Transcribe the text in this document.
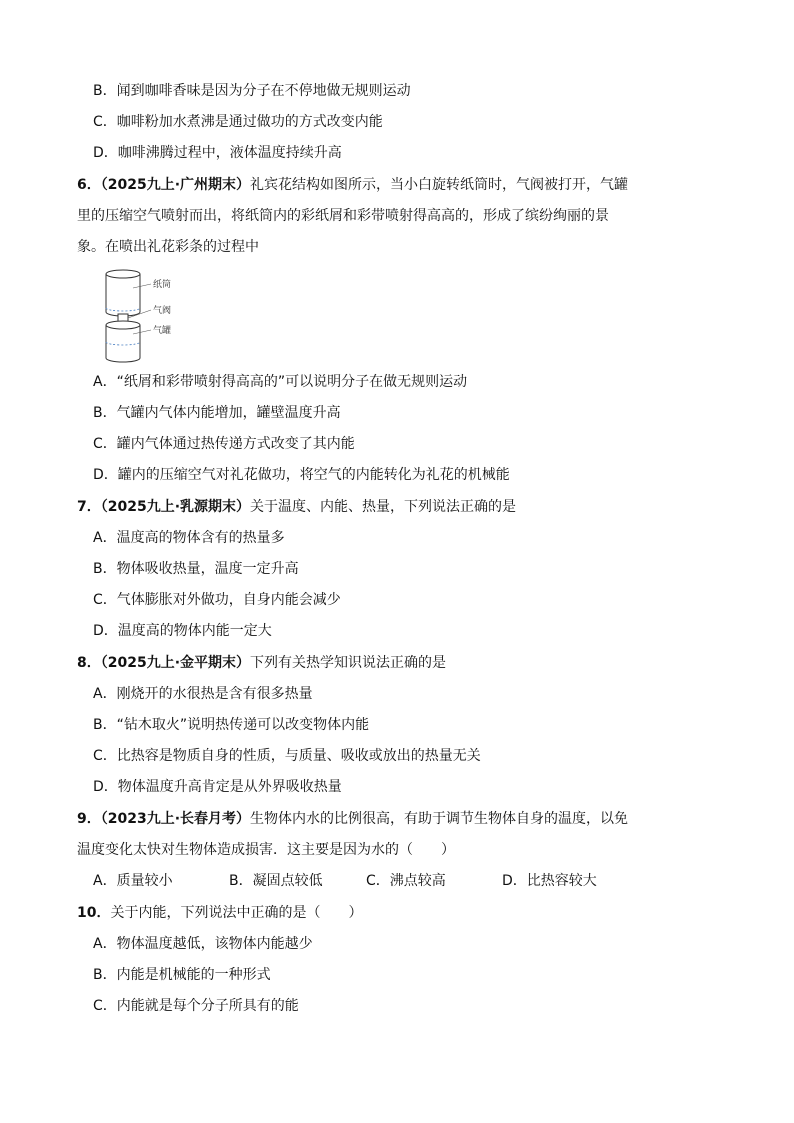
B．闻到咖啡香味是因为分子在不停地做无规则运动
C．咖啡粉加水煮沸是通过做功的方式改变内能
D．咖啡沸腾过程中，液体温度持续升高
6．（2025九上·广州期末）礼宾花结构如图所示，当小白旋转纸筒时，气阀被打开，气罐
里的压缩空气喷射而出，将纸筒内的彩纸屑和彩带喷射得高高的，形成了缤纷绚丽的景
象。在喷出礼花彩条的过程中
纸筒
气阀
气罐
A．“纸屑和彩带喷射得高高的”可以说明分子在做无规则运动
B．气罐内气体内能增加，罐壁温度升高
C．罐内气体通过热传递方式改变了其内能
D．罐内的压缩空气对礼花做功，将空气的内能转化为礼花的机械能
7．（2025九上·乳源期末）关于温度、内能、热量，下列说法正确的是
A．温度高的物体含有的热量多
B．物体吸收热量，温度一定升高
C．气体膨胀对外做功，自身内能会减少
D．温度高的物体内能一定大
8．（2025九上·金平期末）下列有关热学知识说法正确的是
A．刚烧开的水很热是含有很多热量
B．“钻木取火”说明热传递可以改变物体内能
C．比热容是物质自身的性质，与质量、吸收或放出的热量无关
D．物体温度升高肯定是从外界吸收热量
9．（2023九上·长春月考）生物体内水的比例很高，有助于调节生物体自身的温度，以免
温度变化太快对生物体造成损害．这主要是因为水的（　　）
A．质量较小	B．凝固点较低	C．沸点较高	D．比热容较大
10．关于内能，下列说法中正确的是（　　）
A．物体温度越低，该物体内能越少
B．内能是机械能的一种形式
C．内能就是每个分子所具有的能
